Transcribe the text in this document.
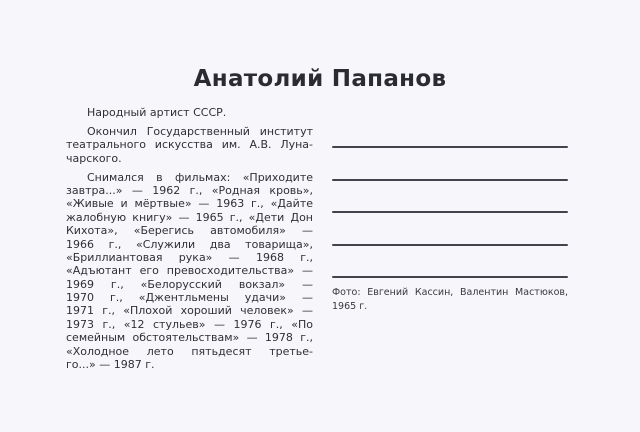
Анатолий Папанов
Народный артист СССР.
Окончил Государственный институт
театрального искусства им. А.В. Луна-
чарского.
Снимался в фильмах: «Приходите
завтра...» — 1962 г., «Родная кровь»,
«Живые и мёртвые» — 1963 г., «Дайте
жалобную книгу» — 1965 г., «Дети Дон
Кихота», «Берегись автомобиля» —
1966 г., «Служили два товарища»,
«Бриллиантовая рука» — 1968 г.,
«Адъютант его превосходительства» —
1969 г., «Белорусский вокзал» —
1970 г., «Джентльмены удачи» —
1971 г., «Плохой хороший человек» —
1973 г., «12 стульев» — 1976 г., «По
семейным обстоятельствам» — 1978 г.,
«Холодное лето пятьдесят третье-
го...» — 1987 г.
Фото: Евгений Кассин, Валентин Мастюков,
1965 г.
